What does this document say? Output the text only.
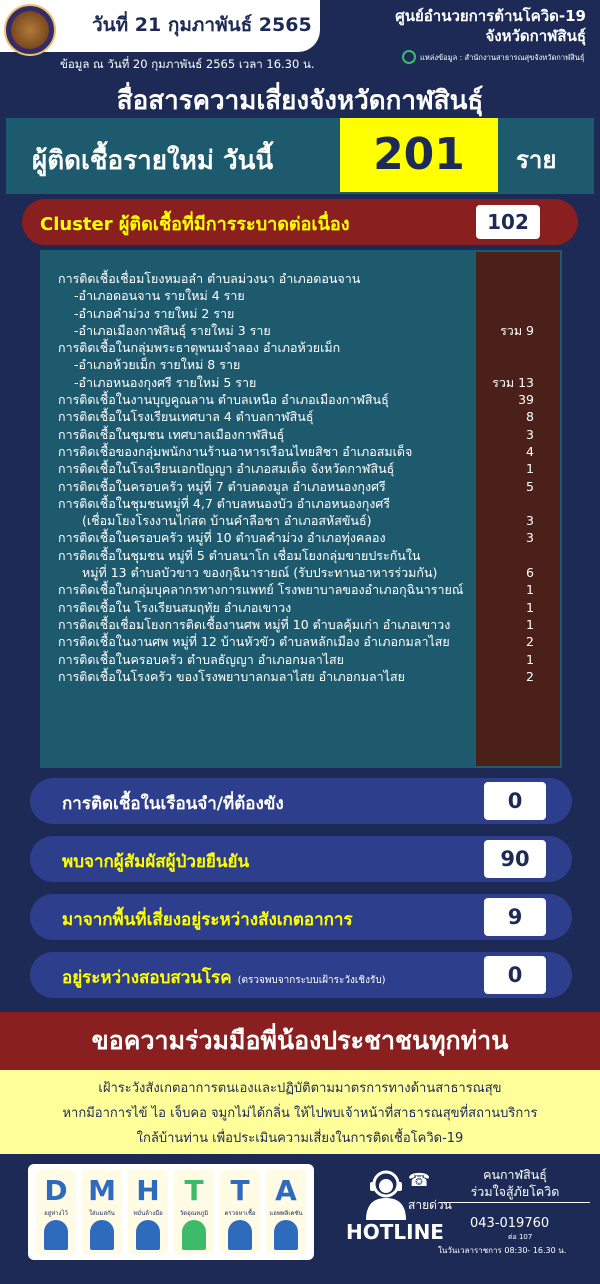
วันที่ 21 กุมภาพันธ์ 2565
ข้อมูล ณ วันที่ 20 กุมภาพันธ์ 2565 เวลา 16.30 น.
ศูนย์อำนวยการต้านโควิด-19
จังหวัดกาฬสินธุ์
แหล่งข้อมูล : สำนักงานสาธารณสุขจังหวัดกาฬสินธุ์
สื่อสารความเสี่ยงจังหวัดกาฬสินธุ์
ผู้ติดเชื้อรายใหม่ วันนี้	201	ราย
Cluster ผู้ติดเชื้อที่มีการระบาดต่อเนื่อง	102
การติดเชื้อเชื่อมโยงหมอลำ ตำบลม่วงนา อำเภอดอนจาน
-อำเภอดอนจาน รายใหม่ 4 ราย
-อำเภอคำม่วง รายใหม่ 2 ราย
-อำเภอเมืองกาฬสินธุ์ รายใหม่ 3 ราย	รวม 9
การติดเชื้อในกลุ่มพระธาตุพนมจำลอง อำเภอห้วยเม็ก
-อำเภอห้วยเม็ก รายใหม่ 8 ราย
-อำเภอหนองกุงศรี รายใหม่ 5 ราย	รวม 13
การติดเชื้อในงานบุญคูณลาน ตำบลเหนือ อำเภอเมืองกาฬสินธุ์	39
การติดเชื้อในโรงเรียนเทศบาล 4 ตำบลกาฬสินธุ์	8
การติดเชื้อในชุมชน เทศบาลเมืองกาฬสินธุ์	3
การติดเชื้อของกลุ่มพนักงานร้านอาหารเรือนไทยสิชา อำเภอสมเด็จ	4
การติดเชื้อในโรงเรียนเอกปัญญา อำเภอสมเด็จ จังหวัดกาฬสินธุ์	1
การติดเชื้อในครอบครัว หมู่ที่ 7 ตำบลดงมูล อำเภอหนองกุงศรี	5
การติดเชื้อในชุมชนหมู่ที่ 4,7 ตำบลหนองบัว อำเภอหนองกุงศรี
(เชื่อมโยงโรงงานไก่สด บ้านคำลือชา อำเภอสหัสขันธ์)	3
การติดเชื้อในครอบครัว หมู่ที่ 10 ตำบลคำม่วง อำเภอทุ่งคลอง	3
การติดเชื้อในชุมชน หมู่ที่ 5 ตำบลนาโก เชื่อมโยงกลุ่มขายประกันใน
หมู่ที่ 13 ตำบลบัวขาว ของกุฉินารายณ์ (รับประทานอาหารร่วมกัน)	6
การติดเชื้อในกลุ่มบุคลากรทางการแพทย์ โรงพยาบาลของอำเภอกุฉินารายณ์	1
การติดเชื้อใน โรงเรียนสมฤทัย อำเภอเขาวง	1
การติดเชื้อเชื่อมโยงการติดเชื้องานศพ หมู่ที่ 10 ตำบลคุ้มเก่า อำเภอเขาวง	1
การติดเชื้อในงานศพ หมู่ที่ 12 บ้านหัวขัว ตำบลหลักเมือง อำเภอกมลาไสย	2
การติดเชื้อในครอบครัว ตำบลธัญญา อำเภอกมลาไสย	1
การติดเชื้อในโรงครัว ของโรงพยาบาลกมลาไสย อำเภอกมลาไสย	2
การติดเชื้อในเรือนจำ/ที่ต้องขัง	0
พบจากผู้สัมผัสผู้ป่วยยืนยัน	90
มาจากพื้นที่เสี่ยงอยู่ระหว่างสังเกตอาการ	9
อยู่ระหว่างสอบสวนโรค (ตรวจพบจากระบบเฝ้าระวังเชิงรับ)	0
ขอความร่วมมือพี่น้องประชาชนทุกท่าน
เฝ้าระวังสังเกตอาการตนเองและปฏิบัติตามมาตรการทางด้านสาธารณสุข
หากมีอาการไข้ ไอ เจ็บคอ จมูกไม่ได้กลิ่น ให้ไปพบเจ้าหน้าที่สาธารณสุขที่สถานบริการ
ใกล้บ้านท่าน เพื่อประเมินความเสี่ยงในการติดเชื้อโควิด-19
D
อยู่ห่างไว้
M
ใส่แมสกัน
H
หมั่นล้างมือ
T
วัดอุณหภูมิ
T
ตรวจหาเชื้อ
A
แอพพลิเคชัน
☎
สายด่วน
คนกาฬสินธุ์
ร่วมใจสู้ภัยโควิด
HOTLINE 043-019760
ต่อ 107
ในวันเวลาราชการ 08:30- 16.30 น.
